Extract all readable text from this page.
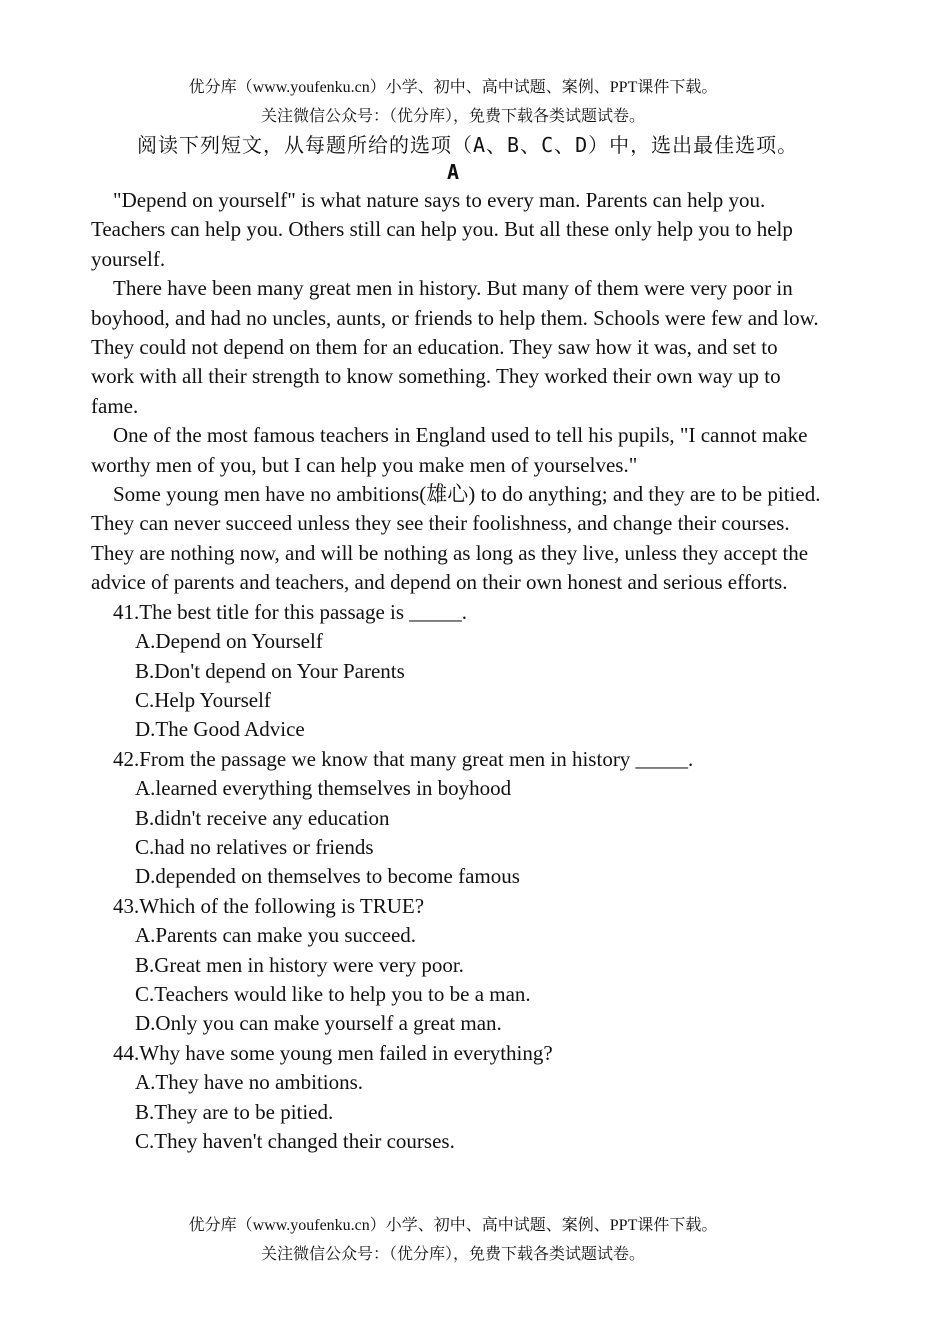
优分库（www.youfenku.cn）小学、初中、高中试题、案例、PPT课件下载。
关注微信公众号：（优分库），免费下载各类试题试卷。
阅读下列短文，从每题所给的选项（A、B、C、D）中，选出最佳选项。
A

"Depend on yourself" is what nature says to every man. Parents can help you. Teachers can help you. Others still can help you. But all these only help you to help yourself.

There have been many great men in history. But many of them were very poor in boyhood, and had no uncles, aunts, or friends to help them. Schools were few and low. They could not depend on them for an education. They saw how it was, and set to work with all their strength to know something. They worked their own way up to fame.

One of the most famous teachers in England used to tell his pupils, "I cannot make worthy men of you, but I can help you make men of yourselves."

Some young men have no ambitions(雄心) to do anything; and they are to be pitied. They can never succeed unless they see their foolishness, and change their courses. They are nothing now, and will be nothing as long as they live, unless they accept the advice of parents and teachers, and depend on their own honest and serious efforts.

41.The best title for this passage is _____.

A.Depend on Yourself

B.Don't depend on Your Parents

C.Help Yourself

D.The Good Advice

42.From the passage we know that many great men in history _____.

A.learned everything themselves in boyhood

B.didn't receive any education

C.had no relatives or friends

D.depended on themselves to become famous

43.Which of the following is TRUE?

A.Parents can make you succeed.

B.Great men in history were very poor.

C.Teachers would like to help you to be a man.

D.Only you can make yourself a great man.

44.Why have some young men failed in everything?

A.They have no ambitions.

B.They are to be pitied.

C.They haven't changed their courses.

优分库（www.youfenku.cn）小学、初中、高中试题、案例、PPT课件下载。
关注微信公众号：（优分库），免费下载各类试题试卷。
